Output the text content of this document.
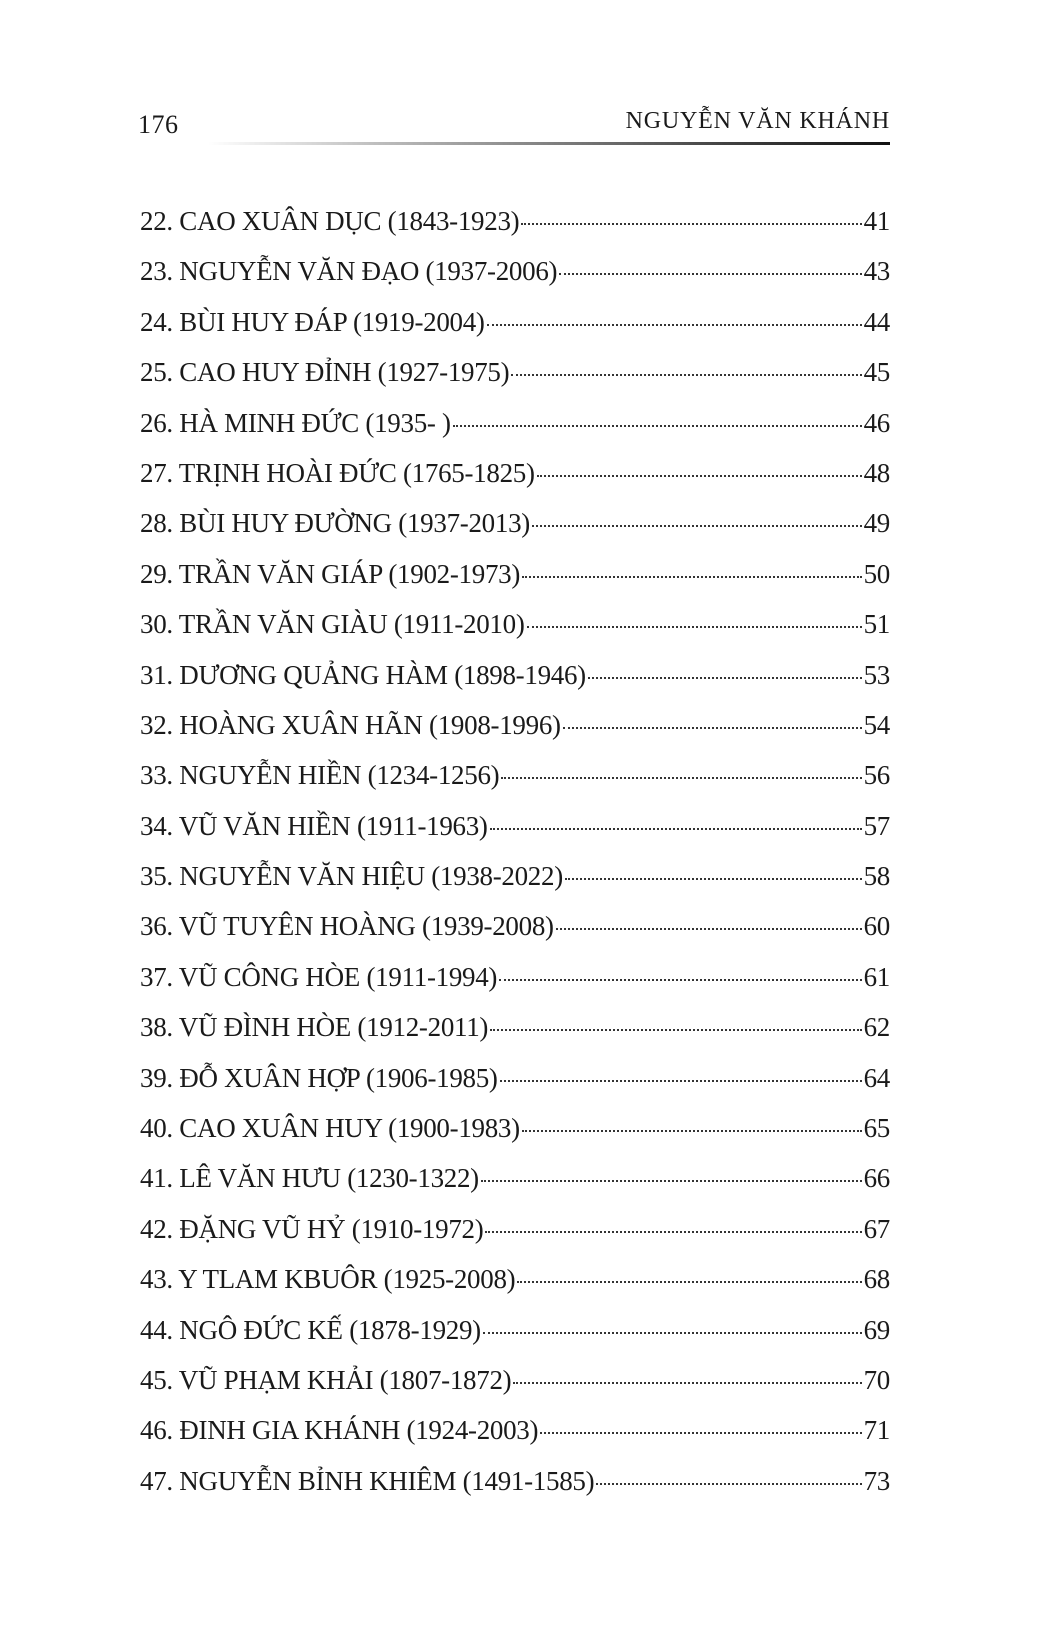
176	NGUYỄN VĂN KHÁNH
22. CAO XUÂN DỤC (1843-1923)	41
23. NGUYỄN VĂN ĐẠO (1937-2006)	43
24. BÙI HUY ĐÁP (1919-2004)	44
25. CAO HUY ĐỈNH (1927-1975)	45
26. HÀ MINH ĐỨC (1935- )	46
27. TRỊNH HOÀI ĐỨC (1765-1825)	48
28. BÙI HUY ĐƯỜNG (1937-2013)	49
29. TRẦN VĂN GIÁP (1902-1973)	50
30. TRẦN VĂN GIÀU (1911-2010)	51
31. DƯƠNG QUẢNG HÀM (1898-1946)	53
32. HOÀNG XUÂN HÃN (1908-1996)	54
33. NGUYỄN HIỀN (1234-1256)	56
34. VŨ VĂN HIỀN (1911-1963)	57
35. NGUYỄN VĂN HIỆU (1938-2022)	58
36. VŨ TUYÊN HOÀNG (1939-2008)	60
37. VŨ CÔNG HÒE (1911-1994)	61
38. VŨ ĐÌNH HÒE (1912-2011)	62
39. ĐỖ XUÂN HỢP (1906-1985)	64
40. CAO XUÂN HUY (1900-1983)	65
41. LÊ VĂN HƯU (1230-1322)	66
42. ĐẶNG VŨ HỶ (1910-1972)	67
43. Y TLAM KBUÔR (1925-2008)	68
44. NGÔ ĐỨC KẾ (1878-1929)	69
45. VŨ PHẠM KHẢI (1807-1872)	70
46. ĐINH GIA KHÁNH (1924-2003)	71
47. NGUYỄN BỈNH KHIÊM (1491-1585)	73
